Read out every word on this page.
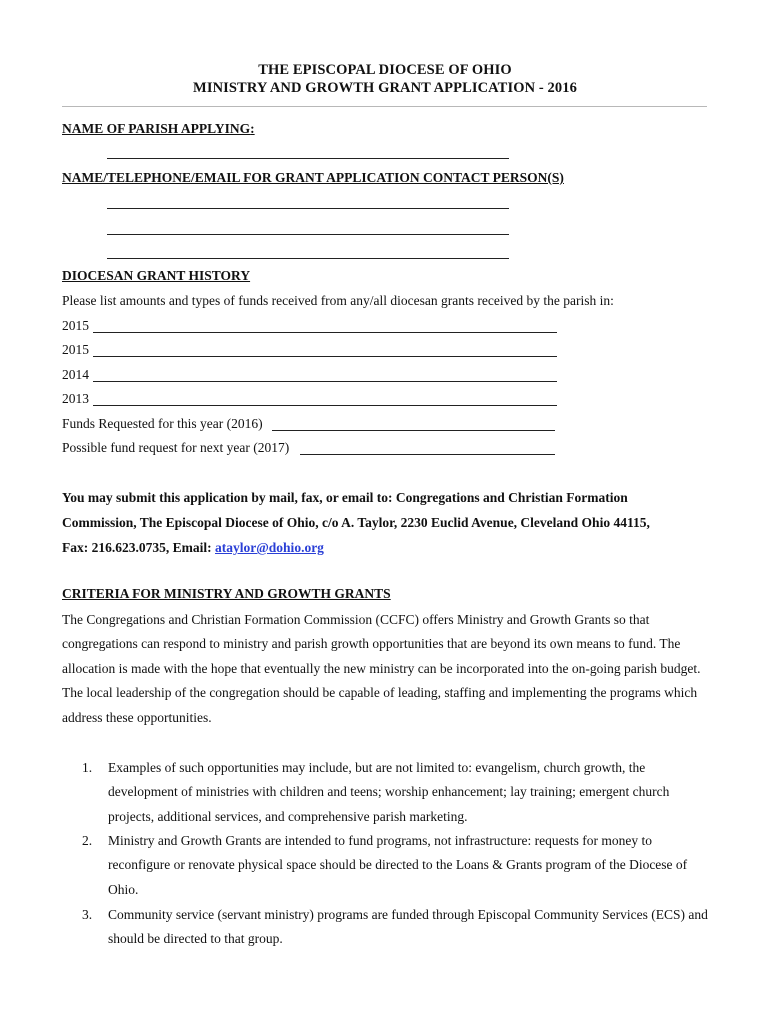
THE EPISCOPAL DIOCESE OF OHIO
MINISTRY AND GROWTH GRANT APPLICATION - 2016
NAME OF PARISH APPLYING:
NAME/TELEPHONE/EMAIL FOR GRANT APPLICATION CONTACT PERSON(S)
DIOCESAN GRANT HISTORY
Please list amounts and types of funds received from any/all diocesan grants received by the parish in:
2015
2015
2014
2013
Funds Requested for this year (2016)
Possible fund request for next year (2017)
You may submit this application by mail, fax, or email to: Congregations and Christian Formation
Commission, The Episcopal Diocese of Ohio, c/o A. Taylor, 2230 Euclid Avenue, Cleveland Ohio 44115,
Fax: 216.623.0735, Email: ataylor@dohio.org
CRITERIA FOR MINISTRY AND GROWTH GRANTS
The Congregations and Christian Formation Commission (CCFC) offers Ministry and Growth Grants so that congregations can respond to ministry and parish growth opportunities that are beyond its own means to fund. The allocation is made with the hope that eventually the new ministry can be incorporated into the on-going parish budget. The local leadership of the congregation should be capable of leading, staffing and implementing the programs which address these opportunities.
1.	Examples of such opportunities may include, but are not limited to: evangelism, church growth, the development of ministries with children and teens; worship enhancement; lay training; emergent church projects, additional services, and comprehensive parish marketing.
2.	Ministry and Growth Grants are intended to fund programs, not infrastructure: requests for money to reconfigure or renovate physical space should be directed to the Loans & Grants program of the Diocese of Ohio.
3.	Community service (servant ministry) programs are funded through Episcopal Community Services (ECS) and should be directed to that group.
